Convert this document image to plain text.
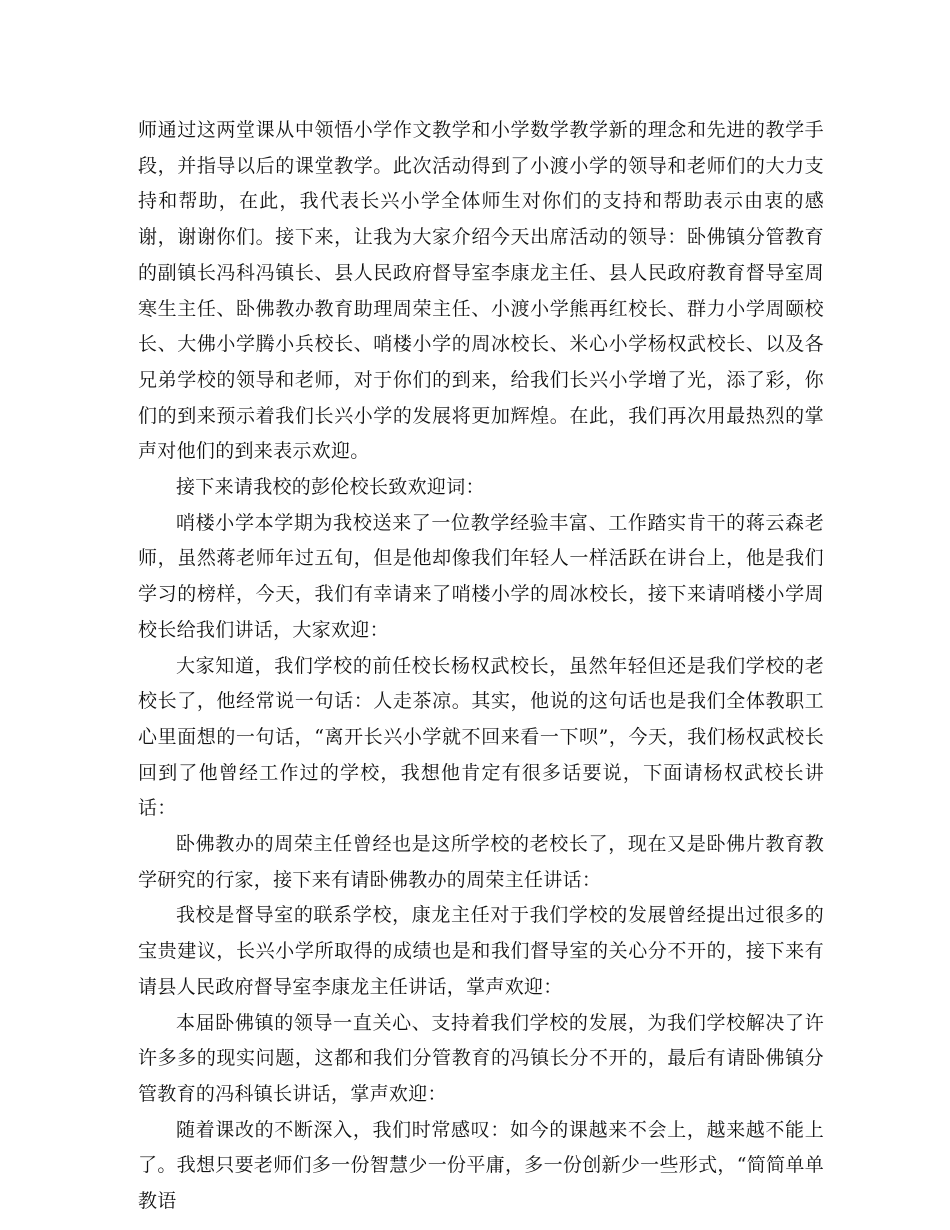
师通过这两堂课从中领悟小学作文教学和小学数学教学新的理念和先进的教学手段，并指导以后的课堂教学。此次活动得到了小渡小学的领导和老师们的大力支持和帮助，在此，我代表长兴小学全体师生对你们的支持和帮助表示由衷的感谢，谢谢你们。接下来，让我为大家介绍今天出席活动的领导：卧佛镇分管教育的副镇长冯科冯镇长、县人民政府督导室李康龙主任、县人民政府教育督导室周寒生主任、卧佛教办教育助理周荣主任、小渡小学熊再红校长、群力小学周颐校长、大佛小学腾小兵校长、哨楼小学的周冰校长、米心小学杨权武校长、以及各兄弟学校的领导和老师，对于你们的到来，给我们长兴小学增了光，添了彩，你们的到来预示着我们长兴小学的发展将更加辉煌。在此，我们再次用最热烈的掌声对他们的到来表示欢迎。

接下来请我校的彭伦校长致欢迎词：

哨楼小学本学期为我校送来了一位教学经验丰富、工作踏实肯干的蒋云森老师，虽然蒋老师年过五旬，但是他却像我们年轻人一样活跃在讲台上，他是我们学习的榜样，今天，我们有幸请来了哨楼小学的周冰校长，接下来请哨楼小学周校长给我们讲话，大家欢迎：

大家知道，我们学校的前任校长杨权武校长，虽然年轻但还是我们学校的老校长了，他经常说一句话：人走茶凉。其实，他说的这句话也是我们全体教职工心里面想的一句话，“离开长兴小学就不回来看一下呗”，今天，我们杨权武校长回到了他曾经工作过的学校，我想他肯定有很多话要说，下面请杨权武校长讲话：

卧佛教办的周荣主任曾经也是这所学校的老校长了，现在又是卧佛片教育教学研究的行家，接下来有请卧佛教办的周荣主任讲话：

我校是督导室的联系学校，康龙主任对于我们学校的发展曾经提出过很多的宝贵建议，长兴小学所取得的成绩也是和我们督导室的关心分不开的，接下来有请县人民政府督导室李康龙主任讲话，掌声欢迎：

本届卧佛镇的领导一直关心、支持着我们学校的发展，为我们学校解决了许许多多的现实问题，这都和我们分管教育的冯镇长分不开的，最后有请卧佛镇分管教育的冯科镇长讲话，掌声欢迎：

随着课改的不断深入，我们时常感叹：如今的课越来不会上，越来越不能上了。我想只要老师们多一份智慧少一份平庸，多一份创新少一些形式，“简简单单教语
